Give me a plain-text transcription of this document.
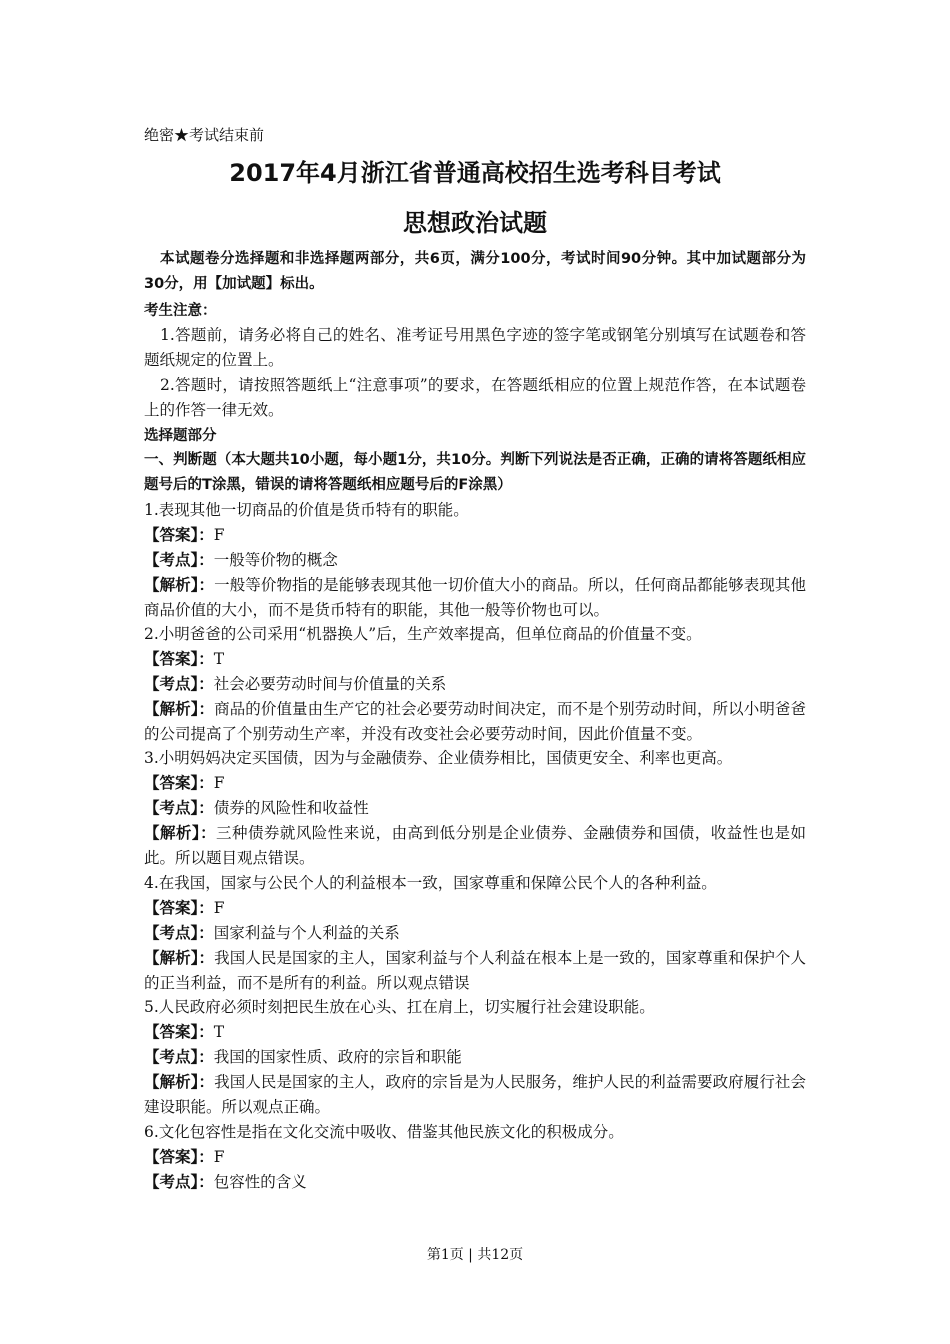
绝密★考试结束前
2017年4月浙江省普通高校招生选考科目考试
思想政治试题
本试题卷分选择题和非选择题两部分，共6页，满分100分，考试时间90分钟。其中加试题部分为30分，用【加试题】标出。
考生注意：
1.答题前，请务必将自己的姓名、准考证号用黑色字迹的签字笔或钢笔分别填写在试题卷和答题纸规定的位置上。
2.答题时，请按照答题纸上“注意事项”的要求，在答题纸相应的位置上规范作答，在本试题卷上的作答一律无效。
选择题部分
一、判断题（本大题共10小题，每小题1分，共10分。判断下列说法是否正确，正确的请将答题纸相应题号后的T涂黑，错误的请将答题纸相应题号后的F涂黑）
1.表现其他一切商品的价值是货币特有的职能。
【答案】：F
【考点】：一般等价物的概念
【解析】：一般等价物指的是能够表现其他一切价值大小的商品。所以，任何商品都能够表现其他商品价值的大小，而不是货币特有的职能，其他一般等价物也可以。
2.小明爸爸的公司采用“机器换人”后，生产效率提高，但单位商品的价值量不变。
【答案】：T
【考点】：社会必要劳动时间与价值量的关系
【解析】：商品的价值量由生产它的社会必要劳动时间决定，而不是个别劳动时间，所以小明爸爸的公司提高了个别劳动生产率，并没有改变社会必要劳动时间，因此价值量不变。
3.小明妈妈决定买国债，因为与金融债券、企业债券相比，国债更安全、利率也更高。
【答案】：F
【考点】：债券的风险性和收益性
【解析】：三种债券就风险性来说，由高到低分别是企业债券、金融债券和国债，收益性也是如此。所以题目观点错误。
4.在我国，国家与公民个人的利益根本一致，国家尊重和保障公民个人的各种利益。
【答案】：F
【考点】：国家利益与个人利益的关系
【解析】：我国人民是国家的主人，国家利益与个人利益在根本上是一致的，国家尊重和保护个人的正当利益，而不是所有的利益。所以观点错误
5.人民政府必须时刻把民生放在心头、扛在肩上，切实履行社会建设职能。
【答案】：T
【考点】：我国的国家性质、政府的宗旨和职能
【解析】：我国人民是国家的主人，政府的宗旨是为人民服务，维护人民的利益需要政府履行社会建设职能。所以观点正确。
6.文化包容性是指在文化交流中吸收、借鉴其他民族文化的积极成分。
【答案】：F
【考点】：包容性的含义
第1页 | 共12页
